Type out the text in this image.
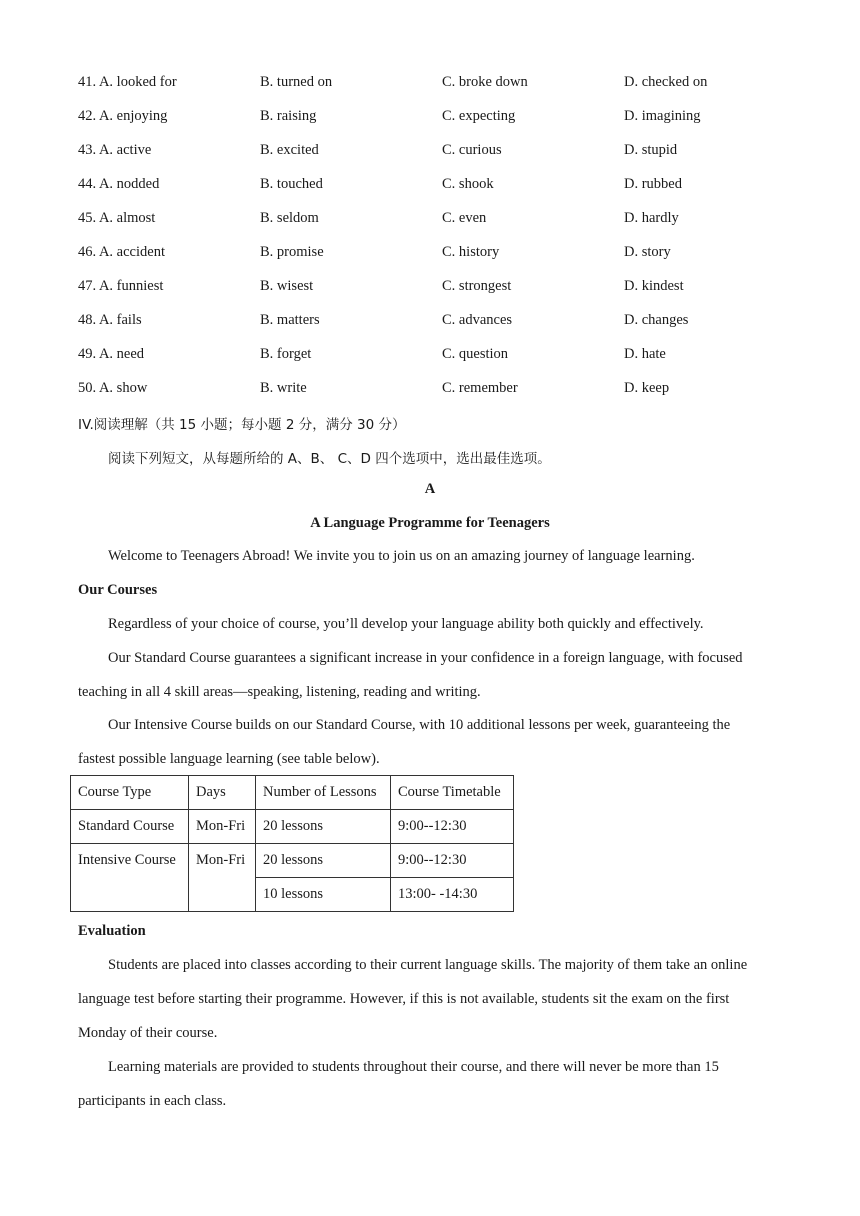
41. A. looked for	B. turned on	C. broke down	D. checked on
42. A. enjoying	B. raising	C. expecting	D. imagining
43. A. active	B. excited	C. curious	D. stupid
44. A. nodded	B. touched	C. shook	D. rubbed
45. A. almost	B. seldom	C. even	D. hardly
46. A. accident	B. promise	C. history	D. story
47. A. funniest	B. wisest	C. strongest	D. kindest
48. A. fails	B. matters	C. advances	D. changes
49. A. need	B. forget	C. question	D. hate
50. A. show	B. write	C. remember	D. keep
IV.阅读理解（共 15 小题；每小题 2 分，满分 30 分）
阅读下列短文，从每题所给的 A、B、 C、D 四个选项中，选出最佳选项。
A
A Language Programme for Teenagers
Welcome to Teenagers Abroad! We invite you to join us on an amazing journey of language learning.
Our Courses
Regardless of your choice of course, you’ll develop your language ability both quickly and effectively.
Our Standard Course guarantees a significant increase in your confidence in a foreign language, with focused
teaching in all 4 skill areas—speaking, listening, reading and writing.
Our Intensive Course builds on our Standard Course, with 10 additional lessons per week, guaranteeing the
fastest possible language learning (see table below).
Course Type	Days	Number of Lessons	Course Timetable
Standard Course	Mon-Fri	20 lessons	9:00--12:30
Intensive Course	Mon-Fri	20 lessons	9:00--12:30
		10 lessons	13:00- -14:30
Evaluation
Students are placed into classes according to their current language skills. The majority of them take an online
language test before starting their programme. However, if this is not available, students sit the exam on the first
Monday of their course.
Learning materials are provided to students throughout their course, and there will never be more than 15
participants in each class.
